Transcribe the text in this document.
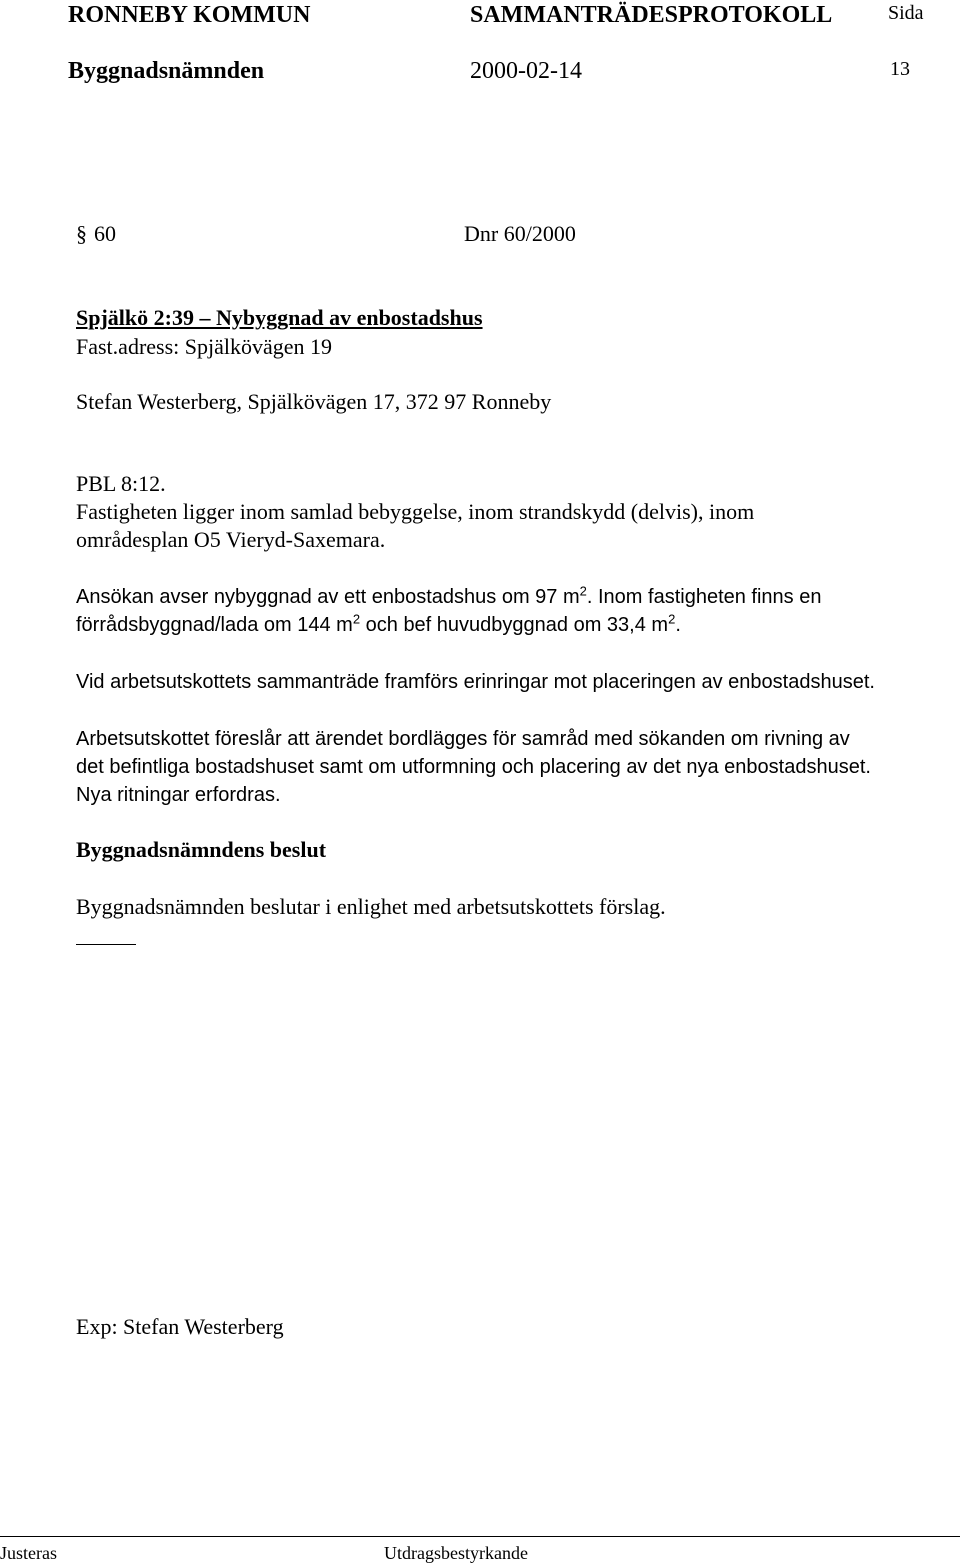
RONNEBY KOMMUN	SAMMANTRÄDESPROTOKOLL	Sida
Byggnadsnämnden	2000-02-14	13
§ 60	Dnr 60/2000
Spjälkö 2:39 – Nybyggnad av enbostadshus
Fast.adress: Spjälkövägen 19
Stefan Westerberg, Spjälkövägen 17, 372 97 Ronneby
PBL 8:12.
Fastigheten ligger inom samlad bebyggelse, inom strandskydd (delvis), inom
områdesplan O5 Vieryd-Saxemara.
Ansökan avser nybyggnad av ett enbostadshus om 97 $m^2$. Inom fastigheten finns en
förrådsbyggnad/lada om 144 $m^2$ och bef huvudbyggnad om 33,4 $m^2$.
Vid arbetsutskottets sammanträde framförs erinringar mot placeringen av enbostadshuset.
Arbetsutskottet föreslår att ärendet bordlägges för samråd med sökanden om rivning av
det befintliga bostadshuset samt om utformning och placering av det nya enbostadshuset.
Nya ritningar erfordras.
Byggnadsnämndens beslut
Byggnadsnämnden beslutar i enlighet med arbetsutskottets förslag.
Exp: Stefan Westerberg
Justeras	Utdragsbestyrkande
